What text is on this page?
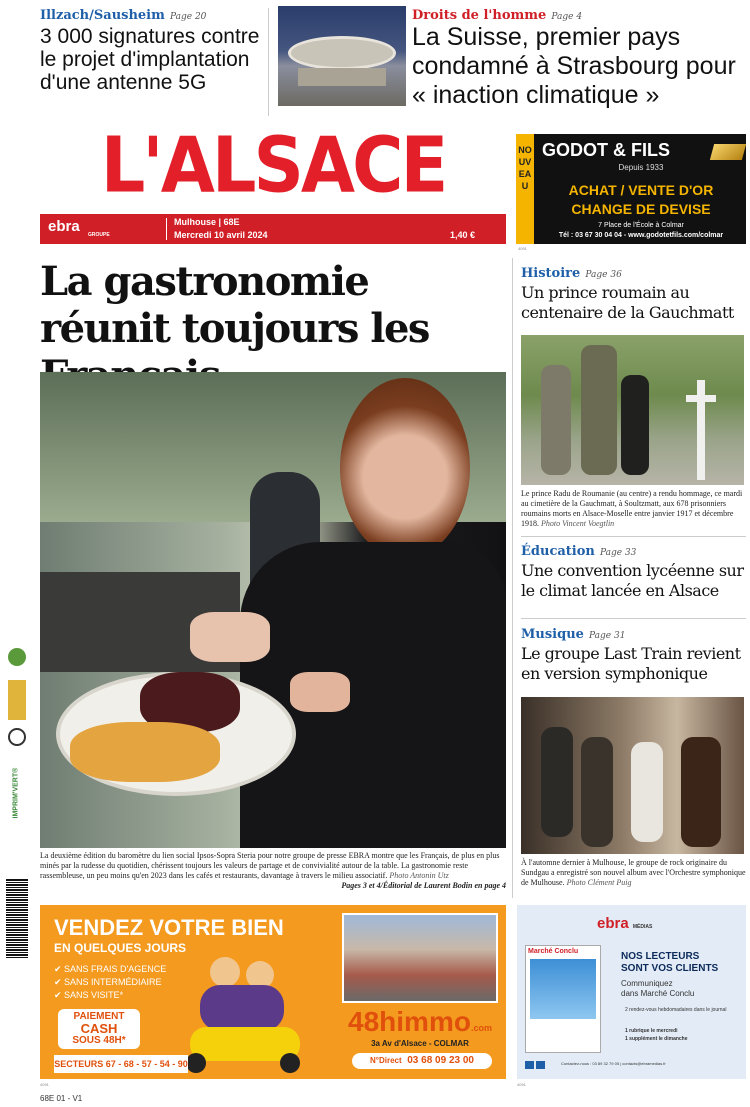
Illzach/Sausheim Page 20
3 000 signatures contre le projet d'implantation d'une antenne 5G
Droits de l'homme Page 4
La Suisse, premier pays condamné à Strasbourg pour « inaction climatique »
L'ALSACE
ebra GROUPE
Mulhouse | 68E
Mercredi 10 avril 2024	1,40 €
NOUVEAU
GODOT & FILS
Depuis 1933
ACHAT / VENTE D'OR
CHANGE DE DEVISE
7 Place de l'École à Colmar
Tél : 03 67 30 04 04 - www.godotetfils.com/colmar
4091
La gastronomie réunit toujours les
La deuxième édition du baromètre du lien social Ipsos-Sopra Steria pour notre groupe de presse EBRA montre que les Français, de plus en plus minés par la rudesse du quotidien, chérissent toujours les valeurs de partage et de convivialité autour de la table. La gastronomie reste rassembleuse, un peu moins qu'en 2023 dans les cafés et restaurants, davantage à travers le milieu associatif. Photo Antonin Utz
Pages 3 et 4/Éditorial de Laurent Bodin en page 4
Histoire Page 36
Un prince roumain au centenaire de la Gauchmatt
Le prince Radu de Roumanie (au centre) a rendu hommage, ce mardi au cimetière de la Gauchmatt, à Soultzmatt, aux 678 prisonniers roumains morts en Alsace-Moselle entre janvier 1917 et décembre 1918. Photo Vincent Voegtlin
Éducation Page 33
Une convention lycéenne sur le climat lancée en Alsace
Musique Page 31
Le groupe Last Train revient en version symphonique
À l'automne dernier à Mulhouse, le groupe de rock originaire du Sundgau a enregistré son nouvel album avec l'Orchestre symphonique de Mulhouse. Photo Clément Puig
IMPRIM'VERT®
VENDEZ VOTRE BIEN
EN QUELQUES JOURS
✔ SANS FRAIS D'AGENCE
✔ SANS INTERMÉDIAIRE
✔ SANS VISITE*
PAIEMENT
CASH
SOUS 48H*
SECTEURS 67 - 68 - 57 - 54 - 90
48himmo.com
3a Av d'Alsace - COLMAR
N°Direct 03 68 09 23 00
4091
ebra MÉDIAS
Marché Conclu	NOS LECTEURS
SONT VOS CLIENTS
Communiquez
dans Marché Conclu
2 rendez-vous hebdomadaires dans le journal
1 rubrique le mercredi
1 supplément le dimanche
Contactez-nous : 03 89 32 79 05 | contacts@ebramedias.fr
4091
68E 01 - V1
